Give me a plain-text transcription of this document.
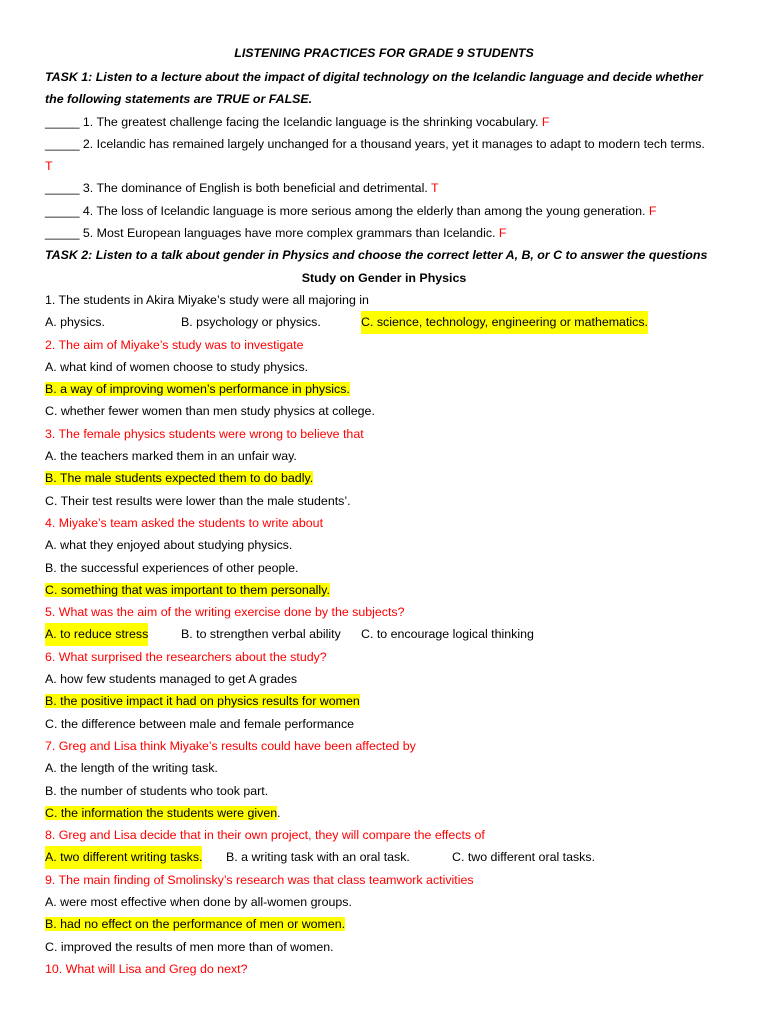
LISTENING PRACTICES FOR GRADE 9 STUDENTS
TASK 1: Listen to a lecture about the impact of digital technology on the Icelandic language and decide whether the following statements are TRUE or FALSE.
_____ 1. The greatest challenge facing the Icelandic language is the shrinking vocabulary. F
_____ 2. Icelandic has remained largely unchanged for a thousand years, yet it manages to adapt to modern tech terms.
T
_____ 3. The dominance of English is both beneficial and detrimental. T
_____ 4. The loss of Icelandic language is more serious among the elderly than among the young generation. F
_____ 5. Most European languages have more complex grammars than Icelandic. F
TASK 2: Listen to a talk about gender in Physics and choose the correct letter A, B, or C to answer the questions
Study on Gender in Physics
1. The students in Akira Miyake’s study were all majoring in
A. physics.	B. psychology or physics.	C. science, technology, engineering or mathematics.
2. The aim of Miyake’s study was to investigate
A. what kind of women choose to study physics.
B. a way of improving women’s performance in physics.
C. whether fewer women than men study physics at college.
3. The female physics students were wrong to believe that
A. the teachers marked them in an unfair way.
B. The male students expected them to do badly.
C. Their test results were lower than the male students’.
4. Miyake’s team asked the students to write about
A. what they enjoyed about studying physics.
B. the successful experiences of other people.
C. something that was important to them personally.
5. What was the aim of the writing exercise done by the subjects?
A. to reduce stress	B. to strengthen verbal ability	C. to encourage logical thinking
6. What surprised the researchers about the study?
A. how few students managed to get A grades
B. the positive impact it had on physics results for women
C. the difference between male and female performance
7. Greg and Lisa think Miyake’s results could have been affected by
A. the length of the writing task.
B. the number of students who took part.
C. the information the students were given.
8. Greg and Lisa decide that in their own project, they will compare the effects of
A. two different writing tasks.	B. a writing task with an oral task.	C. two different oral tasks.
9. The main finding of Smolinsky’s research was that class teamwork activities
A. were most effective when done by all-women groups.
B. had no effect on the performance of men or women.
C. improved the results of men more than of women.
10. What will Lisa and Greg do next?
